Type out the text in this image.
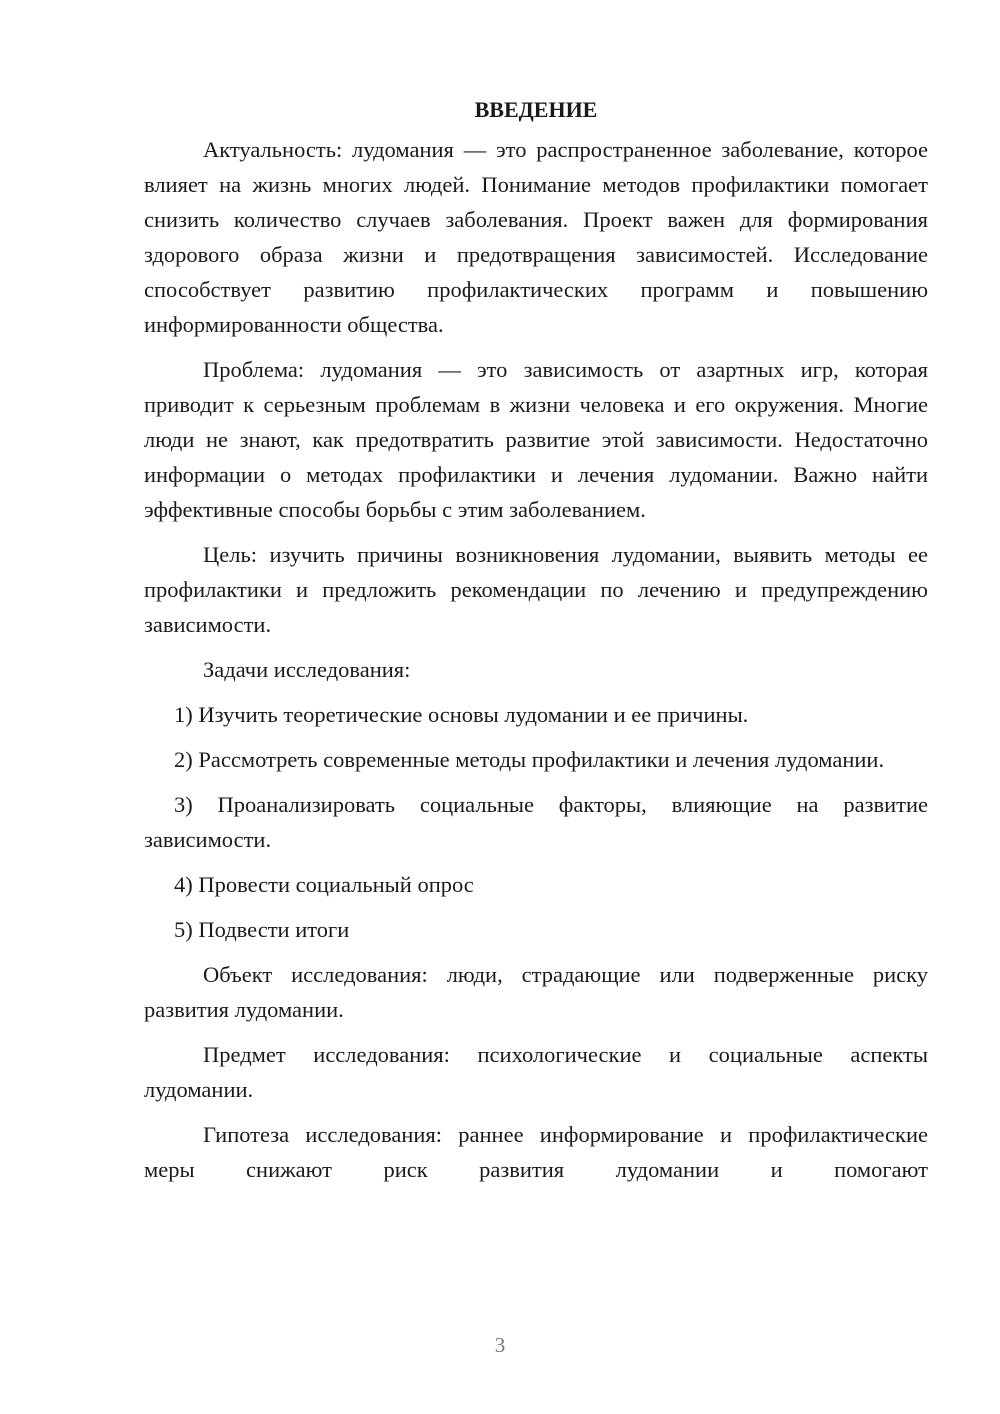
ВВЕДЕНИЕ

Актуальность: лудомания — это распространенное заболевание, которое влияет на жизнь многих людей. Понимание методов профилактики помогает снизить количество случаев заболевания. Проект важен для формирования здорового образа жизни и предотвращения зависимостей. Исследование способствует развитию профилактических программ и повышению информированности общества.

Проблема: лудомания — это зависимость от азартных игр, которая приводит к серьезным проблемам в жизни человека и его окружения. Многие люди не знают, как предотвратить развитие этой зависимости. Недостаточно информации о методах профилактики и лечения лудомании. Важно найти эффективные способы борьбы с этим заболеванием.

Цель: изучить причины возникновения лудомании, выявить методы ее профилактики и предложить рекомендации по лечению и предупреждению зависимости.

Задачи исследования:

1) Изучить теоретические основы лудомании и ее причины.

2) Рассмотреть современные методы профилактики и лечения лудомании.

3) Проанализировать социальные факторы, влияющие на развитие зависимости.

4) Провести социальный опрос

5) Подвести итоги

Объект исследования: люди, страдающие или подверженные риску развития лудомании.

Предмет исследования: психологические и социальные аспекты лудомании.

Гипотеза исследования: раннее информирование и профилактические меры снижают риск развития лудомании и помогают

3
